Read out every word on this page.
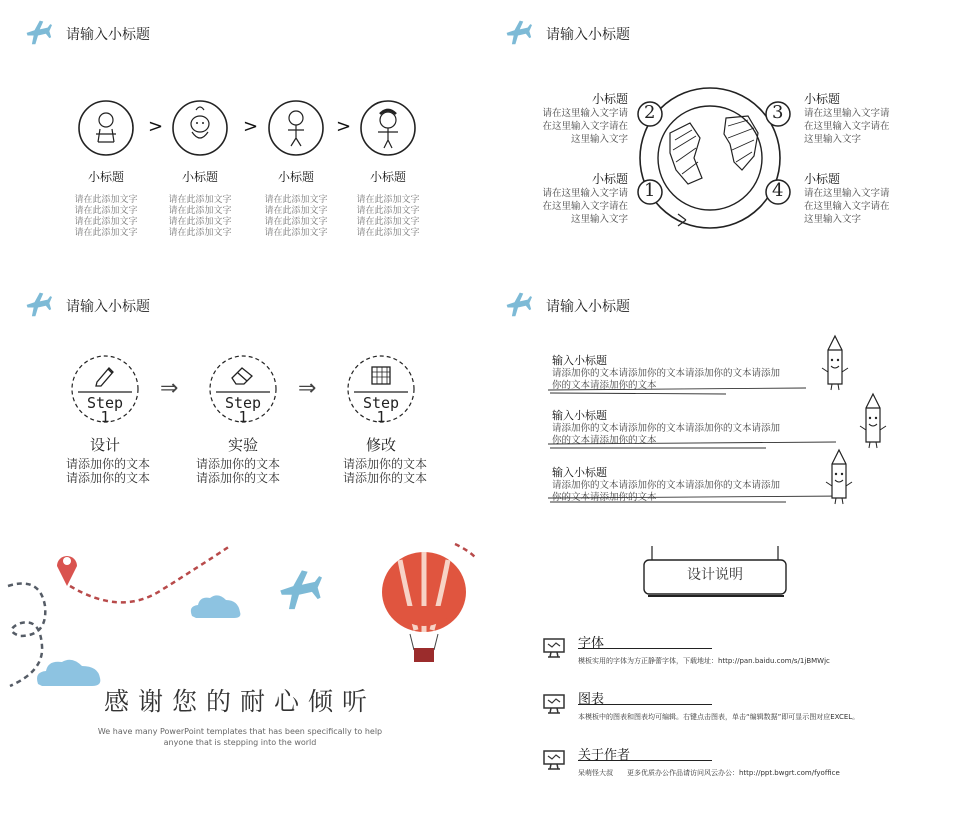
请输入小标题
小标题
请在此添加文字
请在此添加文字
请在此添加文字
请在此添加文字
>
小标题
请在此添加文字
请在此添加文字
请在此添加文字
请在此添加文字
>
小标题
请在此添加文字
请在此添加文字
请在此添加文字
请在此添加文字
>
小标题
请在此添加文字
请在此添加文字
请在此添加文字
请在此添加文字
请输入小标题
2	3
1	4
小标题
请在这里输入文字请
在这里输入文字请在
这里输入文字
小标题
请在这里输入文字请
在这里输入文字请在
这里输入文字
小标题
请在这里输入文字请
在这里输入文字请在
这里输入文字
小标题
请在这里输入文字请
在这里输入文字请在
这里输入文字
请输入小标题
Step
1
设计
请添加你的文本
请添加你的文本
⇒
Step
1
实验
请添加你的文本
请添加你的文本
⇒
Step
1
修改
请添加你的文本
请添加你的文本
请输入小标题
输入小标题
请添加你的文本请添加你的文本请添加你的文本请添加
你的文本请添加你的文本
输入小标题
请添加你的文本请添加你的文本请添加你的文本请添加
你的文本请添加你的文本
输入小标题
请添加你的文本请添加你的文本请添加你的文本请添加
你的文本请添加你的文本
感谢您的耐心倾听
We have many PowerPoint templates that has been specifically to help
anyone that is stepping into the world
设计说明
字体
模板实用的字体为方正静蕾字体，下载地址：http://pan.baidu.com/s/1jBMWjc
图表
本模板中的图表和图表均可编辑。右键点击图表，单击“编辑数据”即可显示图对应EXCEL。
关于作者
呆萌怪大叔　　更多优质办公作品请访问风云办公：http://ppt.bwgrt.com/fyoffice
